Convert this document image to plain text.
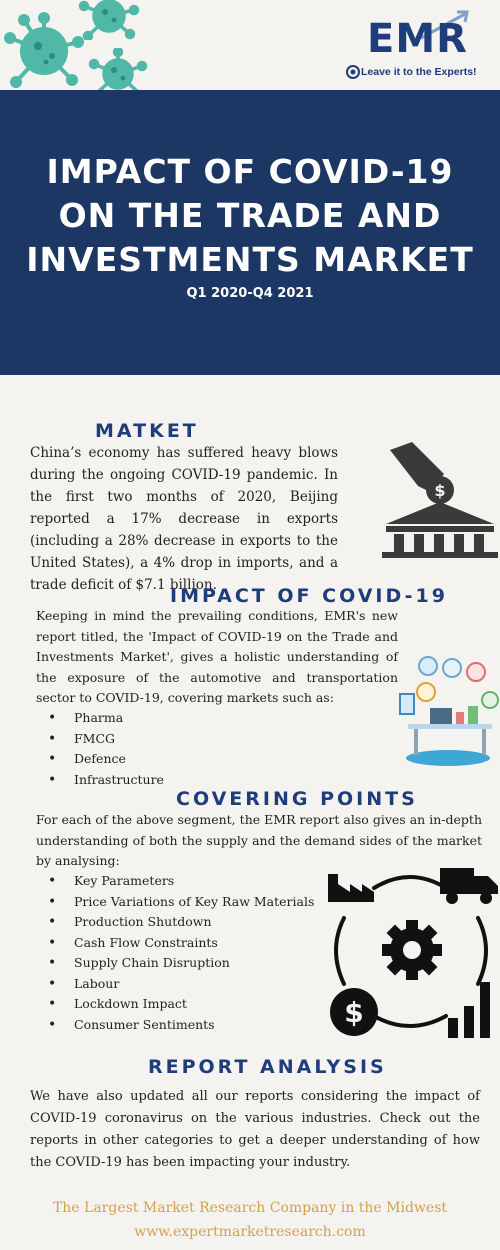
EMR
Leave it to the Experts!
IMPACT OF COVID-19
ON THE TRADE AND
INVESTMENTS MARKET
Q1 2020-Q4 2021
MATKET
China’s economy has suffered heavy blows during the ongoing COVID-19 pandemic. In the first two months of 2020, Beijing reported a 17% decrease in exports (including a 28% decrease in exports to the United States), a 4% drop in imports, and a trade deficit of $7.1 billion.
$
IMPACT OF COVID-19
Keeping in mind the prevailing conditions, EMR's new report titled, the 'Impact of COVID-19 on the Trade and Investments Market', gives a holistic understanding of the exposure of the automotive and transportation sector to COVID-19, covering markets such as:
• Pharma
• FMCG
• Defence
• Infrastructure
COVERING POINTS
For each of the above segment, the EMR report also gives an in-depth understanding of both the supply and the demand sides of the market by analysing:
• Key Parameters
• Price Variations of Key Raw Materials
• Production Shutdown
• Cash Flow Constraints
• Supply Chain Disruption
• Labour
• Lockdown Impact
• Consumer Sentiments	$
REPORT ANALYSIS
We have also updated all our reports considering the impact of COVID-19 coronavirus on the various industries. Check out the reports in other categories to get a deeper understanding of how the COVID-19 has been impacting your industry.
The Largest Market Research Company in the Midwest
www.expertmarketresearch.com
